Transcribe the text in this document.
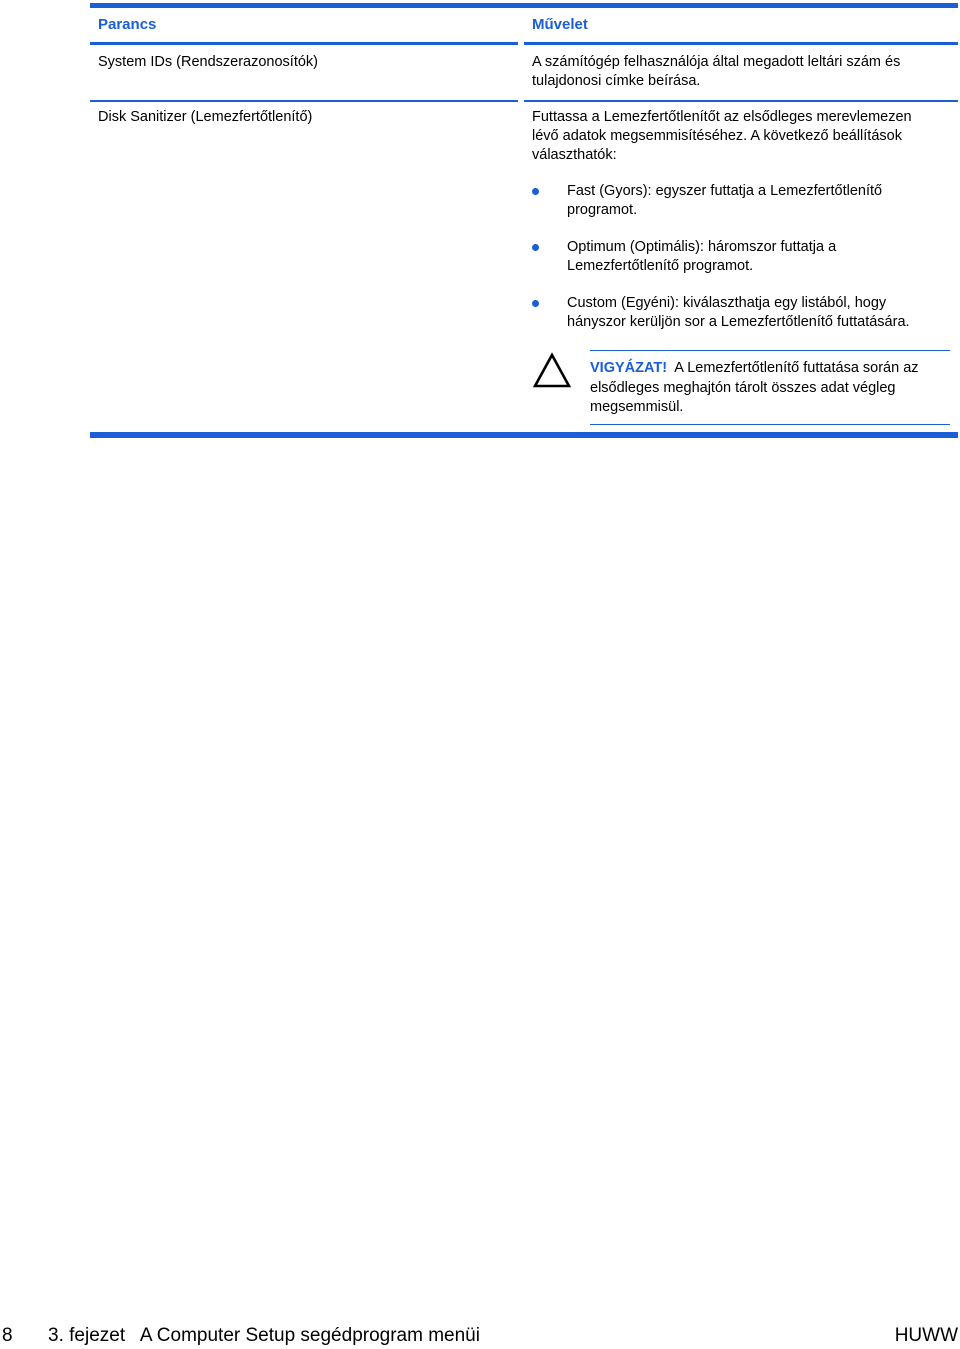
Parancs	Művelet
System IDs (Rendszerazonosítók)	A számítógép felhasználója által megadott leltári szám és tulajdonosi címke beírása.
Disk Sanitizer (Lemezfertőtlenítő)	Futtassa a Lemezfertőtlenítőt az elsődleges merevlemezen lévő adatok megsemmisítéséhez. A következő beállítások választhatók:
Fast (Gyors): egyszer futtatja a Lemezfertőtlenítő programot.
Optimum (Optimális): háromszor futtatja a Lemezfertőtlenítő programot.
Custom (Egyéni): kiválaszthatja egy listából, hogy hányszor kerüljön sor a Lemezfertőtlenítő futtatására.
VIGYÁZAT! A Lemezfertőtlenítő futtatása során az elsődleges meghajtón tárolt összes adat végleg megsemmisül.
8 3. fejezet   A Computer Setup segédprogram menüi	HUWW
